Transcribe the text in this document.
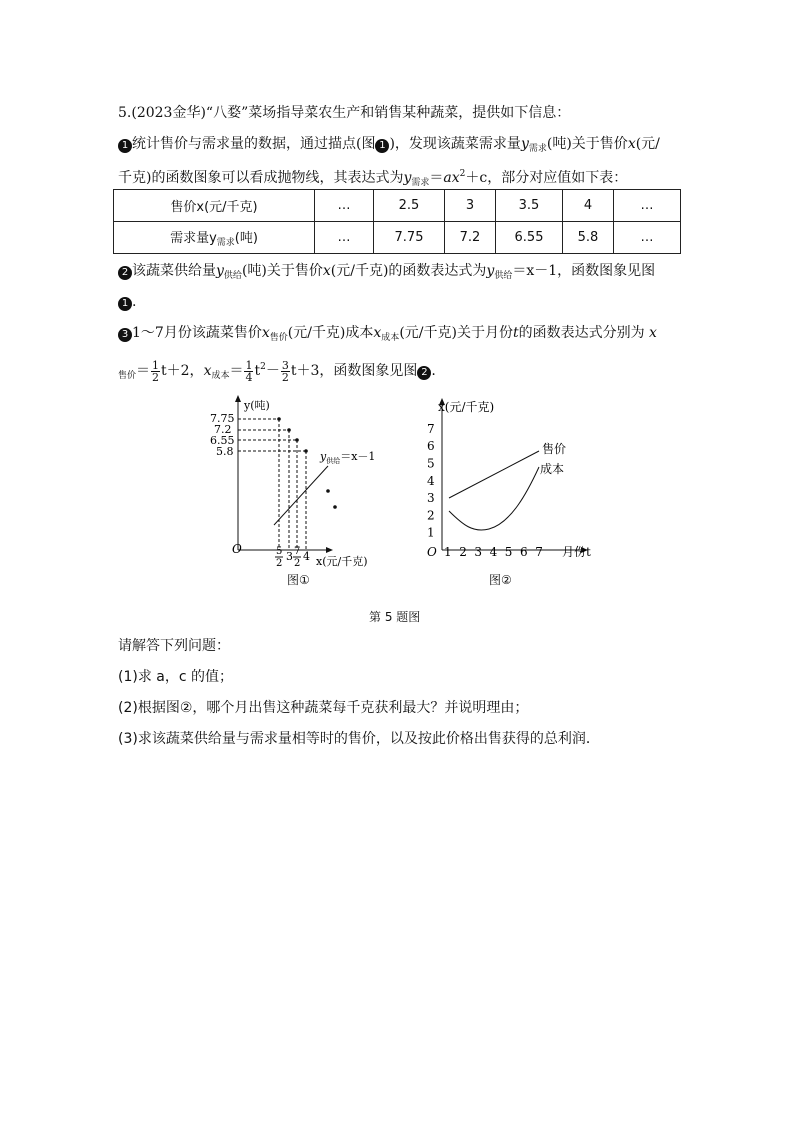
5.(2023金华)“八婺”菜场指导菜农生产和销售某种蔬菜，提供如下信息：
1 统计售价与需求量的数据，通过描点(图 1 )，发现该蔬菜需求量$y_{需求}$(吨)关于售价x(元/
千克)的函数图象可以看成抛物线，其表达式为$y_{需求}=ax^2+c$，部分对应值如下表：
售价x(元/千克)	…	2.5	3	3.5	4	…
需求量$y_{需求}$(吨)	…	7.75	7.2	6.55	5.8	…
2 该蔬菜供给量$y_{供给}$(吨)关于售价x(元/千克)的函数表达式为$y_{供给}=x-1$，函数图象见图
1 .
3 1～7月份该蔬菜售价$x_{售价}$(元/千克)成本$x_{成本}$(元/千克)关于月份t的函数表达式分别为 x
$_{售价}= \frac{1}{2} t+2$，$x_{成本}= \frac{1}{4} t^2- \frac{3}{2} t+3$，函数图象见图 2 .
y(吨)
O
x(元/千克)
7.75
7.2
6.55
5.8	$y_{供给}=x-1$
5
2
3 7
2
4
图①
x(元/千克)
O	月份t
1
2
3
4
5
6
7
1 2 3 4 5 6 7
售价
成本
图②
第 5 题图
请解答下列问题：
(1)求 a，c 的值；
(2)根据图②，哪个月出售这种蔬菜每千克获利最大？并说明理由；
(3)求该蔬菜供给量与需求量相等时的售价，以及按此价格出售获得的总利润．
